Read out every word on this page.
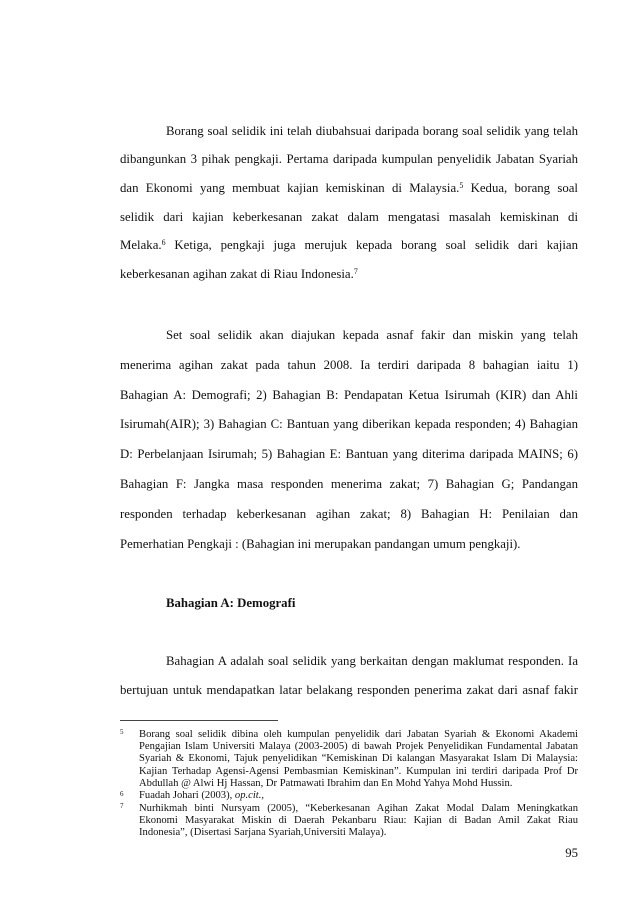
Borang soal selidik ini telah diubahsuai daripada borang soal selidik yang telah
dibangunkan 3 pihak pengkaji. Pertama daripada kumpulan penyelidik Jabatan Syariah
dan Ekonomi yang membuat kajian kemiskinan di Malaysia.$^5$ Kedua, borang soal
selidik dari kajian keberkesanan zakat dalam mengatasi masalah kemiskinan di
Melaka.$^6$ Ketiga, pengkaji juga merujuk kepada borang soal selidik dari kajian
keberkesanan agihan zakat di Riau Indonesia.$^7$
Set soal selidik akan diajukan kepada asnaf fakir dan miskin yang telah
menerima agihan zakat pada tahun 2008. Ia terdiri daripada 8 bahagian iaitu 1)
Bahagian A: Demografi; 2) Bahagian B: Pendapatan Ketua Isirumah (KIR) dan Ahli
Isirumah(AIR); 3) Bahagian C: Bantuan yang diberikan kepada responden; 4) Bahagian
D: Perbelanjaan Isirumah; 5) Bahagian E: Bantuan yang diterima daripada MAINS; 6)
Bahagian F: Jangka masa responden menerima zakat; 7) Bahagian G; Pandangan
responden terhadap keberkesanan agihan zakat; 8) Bahagian H: Penilaian dan
Pemerhatian Pengkaji : (Bahagian ini merupakan pandangan umum pengkaji).
Bahagian A: Demografi
Bahagian A adalah soal selidik yang berkaitan dengan maklumat responden. Ia
bertujuan untuk mendapatkan latar belakang responden penerima zakat dari asnaf fakir
5 Borang soal selidik dibina oleh kumpulan penyelidik dari Jabatan Syariah & Ekonomi Akademi
Pengajian Islam Universiti Malaya (2003-2005) di bawah Projek Penyelidikan Fundamental Jabatan
Syariah & Ekonomi, Tajuk penyelidikan “Kemiskinan Di kalangan Masyarakat Islam Di Malaysia:
Kajian Terhadap Agensi-Agensi Pembasmian Kemiskinan”. Kumpulan ini terdiri daripada Prof Dr
Abdullah @ Alwi Hj Hassan, Dr Patmawati Ibrahim dan En Mohd Yahya Mohd Hussin.
6 Fuadah Johari (2003), op.cit.,
7 Nurhikmah binti Nursyam (2005), “Keberkesanan Agihan Zakat Modal Dalam Meningkatkan
Ekonomi Masyarakat Miskin di Daerah Pekanbaru Riau: Kajian di Badan Amil Zakat Riau
Indonesia”, (Disertasi Sarjana Syariah,Universiti Malaya).
95
